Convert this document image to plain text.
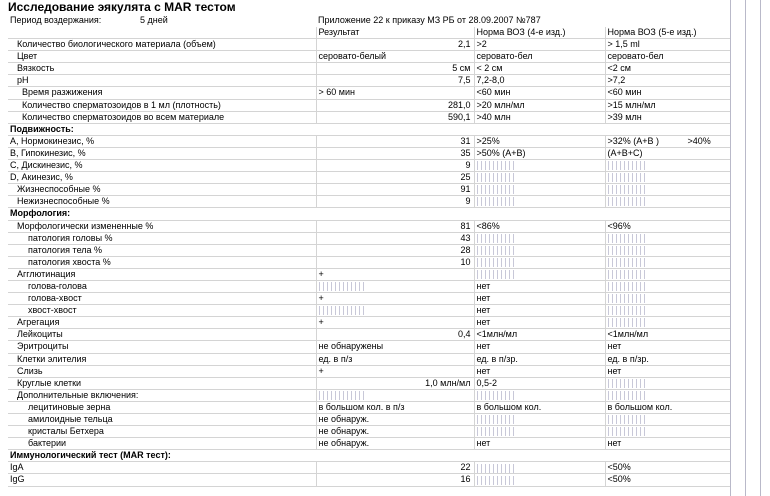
Исследование эякулята с MAR тестом
Период воздержания:	5 дней	Приложение 22 к приказу МЗ РБ от 28.09.2007 №787
	Результат	Норма ВОЗ (4-е изд.)	Норма ВОЗ (5-е изд.)
Количество биологического материала (объем)	2,1	>2	> 1,5 ml
Цвет	серовато-белый	серовато-бел	серовато-бел
Вязкость	5 см	< 2 см	<2 см
pH	7,5	7,2-8,0	>7,2
Время разжижения	> 60 мин	<60 мин	<60 мин
Количество сперматозоидов в 1 мл (плотность)	281,0	>20 млн/мл	>15 млн/мл
Количество сперматозоидов во всем материале	590,1	>40 млн	>39 млн
Подвижность:			
A, Нормокинезис, %	31	>25%	>32% (A+B ) >40%
B, Гипокинезис, %	35	>50% (A+B)	(A+B+C)
C, Дискинезис, %	9		
D, Акинезис, %	25		
Жизнеспособные %	91		
Нежизнеспособные %	9		
Морфология:			
Морфологически измененные %	81	<86%	<96%
патология головы %	43		
патология тела %	28		
патология хвоста %	10		
Агглютинация	+		
голова-голова		нет	
голова-хвост	+	нет	
хвост-хвост		нет	
Агрегация	+	нет	
Лейкоциты	0,4	<1млн/мл	<1млн/мл
Эритроциты	не обнаружены	нет	нет
Клетки элителия	ед. в п/з	ед. в п/зр.	ед. в п/зр.
Слизь	+	нет	нет
Круглые клетки	1,0 млн/мл	0,5-2	
Дополнительные включения:			
лецитиновые зерна	в большом кол. в п/з	в большом кол.	в большом кол.
амилоидные тельца	не обнаруж.		
кристалы Бетхера	не обнаруж.		
бактерии	не обнаруж.	нет	нет
Иммунологический тест (MAR тест):			
IgA	22		<50%
IgG	16		<50%
